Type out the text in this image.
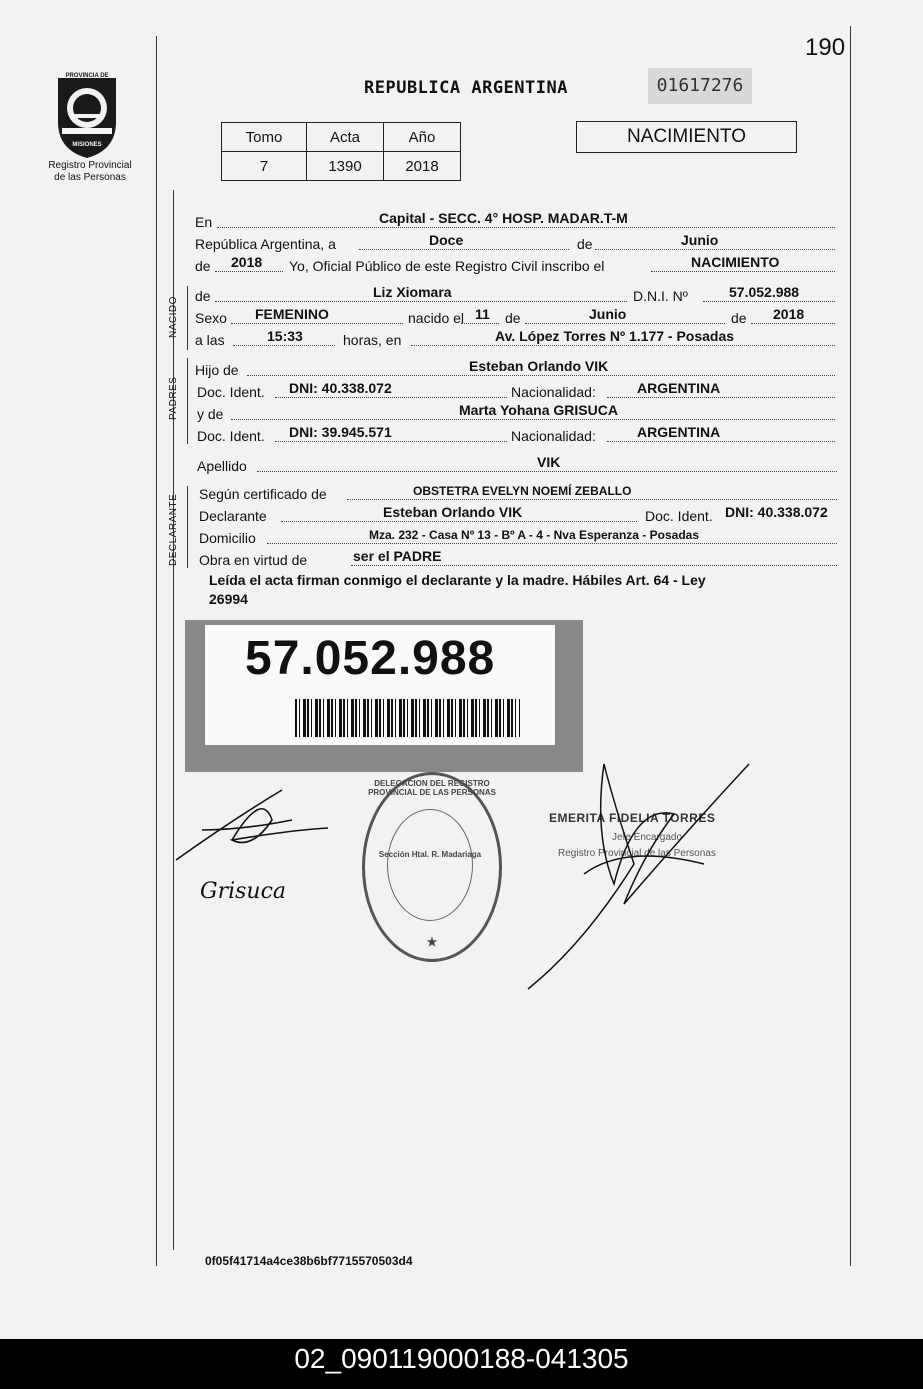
190
PROVINCIA DE
MISIONES
Registro Provincial
de las Personas
REPUBLICA ARGENTINA	01617276
Tomo	Acta	Año
7	1390	2018
NACIMIENTO
En	Capital - SECC. 4° HOSP. MADAR.T-M
República Argentina, a	Doce	de	Junio
de 2018 Yo, Oficial Público de este Registro Civil inscribo el	NACIMIENTO
NACIDO
de	Liz Xiomara	D.N.I. Nº	57.052.988
Sexo FEMENINO	nacido el 11 de	Junio	de 2018
a las	15:33	horas, en	Av. López Torres Nº 1.177 - Posadas
PADRES
Hijo de	Esteban Orlando VIK
Doc. Ident. DNI: 40.338.072	Nacionalidad:	ARGENTINA
y de	Marta Yohana GRISUCA
Doc. Ident. DNI: 39.945.571	Nacionalidad:	ARGENTINA
Apellido	VIK
DECLARANTE Según certificado de	OBSTETRA EVELYN NOEMÍ ZEBALLO
Declarante	Esteban Orlando VIK	Doc. Ident. DNI: 40.338.072
Domicilio	Mza. 232 - Casa Nº 13 - Bº A - 4 - Nva Esperanza - Posadas
Obra en virtud de	ser el PADRE
Leída el acta firman conmigo el declarante y la madre. Hábiles Art. 64 - Ley
26994
57.052.988
Grisuca
DELEGACION DEL REGISTRO PROVINCIAL DE LAS PERSONAS
Sección Htal. R. Madariaga
★
EMERITA FIDELIA TORRES
Jefe Encargado
Registro Provincial de las Personas
0f05f41714a4ce38b6bf7715570503d4
02_090119000188-041305
